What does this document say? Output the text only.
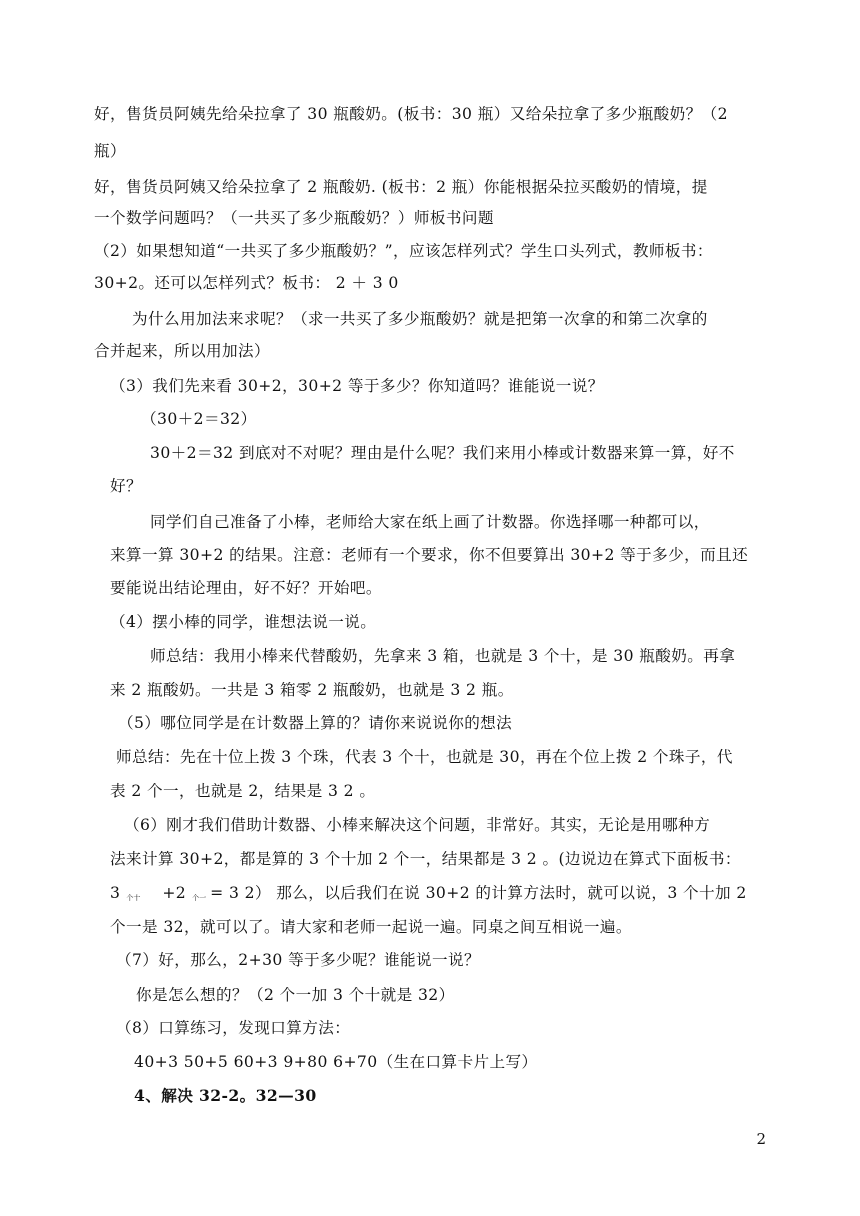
好，售货员阿姨先给朵拉拿了 30 瓶酸奶。(板书：30 瓶）又给朵拉拿了多少瓶酸奶？（2
瓶）
好，售货员阿姨又给朵拉拿了 2 瓶酸奶. (板书：2 瓶）你能根据朵拉买酸奶的情境，提
一个数学问题吗？（一共买了多少瓶酸奶？）师板书问题
（2）如果想知道“一共买了多少瓶酸奶？”，应该怎样列式？学生口头列式，教师板书：
30+2。还可以怎样列式？板书： 2 ＋ 3 0
为什么用加法来求呢？（求一共买了多少瓶酸奶？就是把第一次拿的和第二次拿的
合并起来，所以用加法）
（3）我们先来看 30+2，30+2 等于多少？你知道吗？谁能说一说？
（30＋2＝32）
30＋2＝32 到底对不对呢？理由是什么呢？我们来用小棒或计数器来算一算，好不
好？
同学们自己准备了小棒，老师给大家在纸上画了计数器。你选择哪一种都可以，
来算一算 30+2 的结果。注意：老师有一个要求，你不但要算出 30+2 等于多少，而且还
要能说出结论理由，好不好？开始吧。
（4）摆小棒的同学，谁想法说一说。
师总结：我用小棒来代替酸奶，先拿来 3 箱，也就是 3 个十，是 30 瓶酸奶。再拿
来 2 瓶酸奶。一共是 3 箱零 2 瓶酸奶，也就是 3 2 瓶。
（5）哪位同学是在计数器上算的？请你来说说你的想法
师总结：先在十位上拨 3 个珠，代表 3 个十，也就是 30，再在个位上拨 2 个珠子，代
表 2 个一，也就是 2，结果是 3 2 。
（6）刚才我们借助计数器、小棒来解决这个问题，非常好。其实，无论是用哪种方
法来计算 30+2，都是算的 3 个十加 2 个一，结果都是 3 2 。(边说边在算式下面板书：
3 个十 +2 个一 = 3 2） 那么，以后我们在说 30+2 的计算方法时，就可以说，3 个十加 2
个一是 32，就可以了。请大家和老师一起说一遍。同桌之间互相说一遍。
（7）好，那么，2+30 等于多少呢？谁能说一说？
你是怎么想的？（2 个一加 3 个十就是 32）
（8）口算练习，发现口算方法：
40+3 50+5 60+3 9+80 6+70（生在口算卡片上写）
4、解决 32-2。32—30
2
